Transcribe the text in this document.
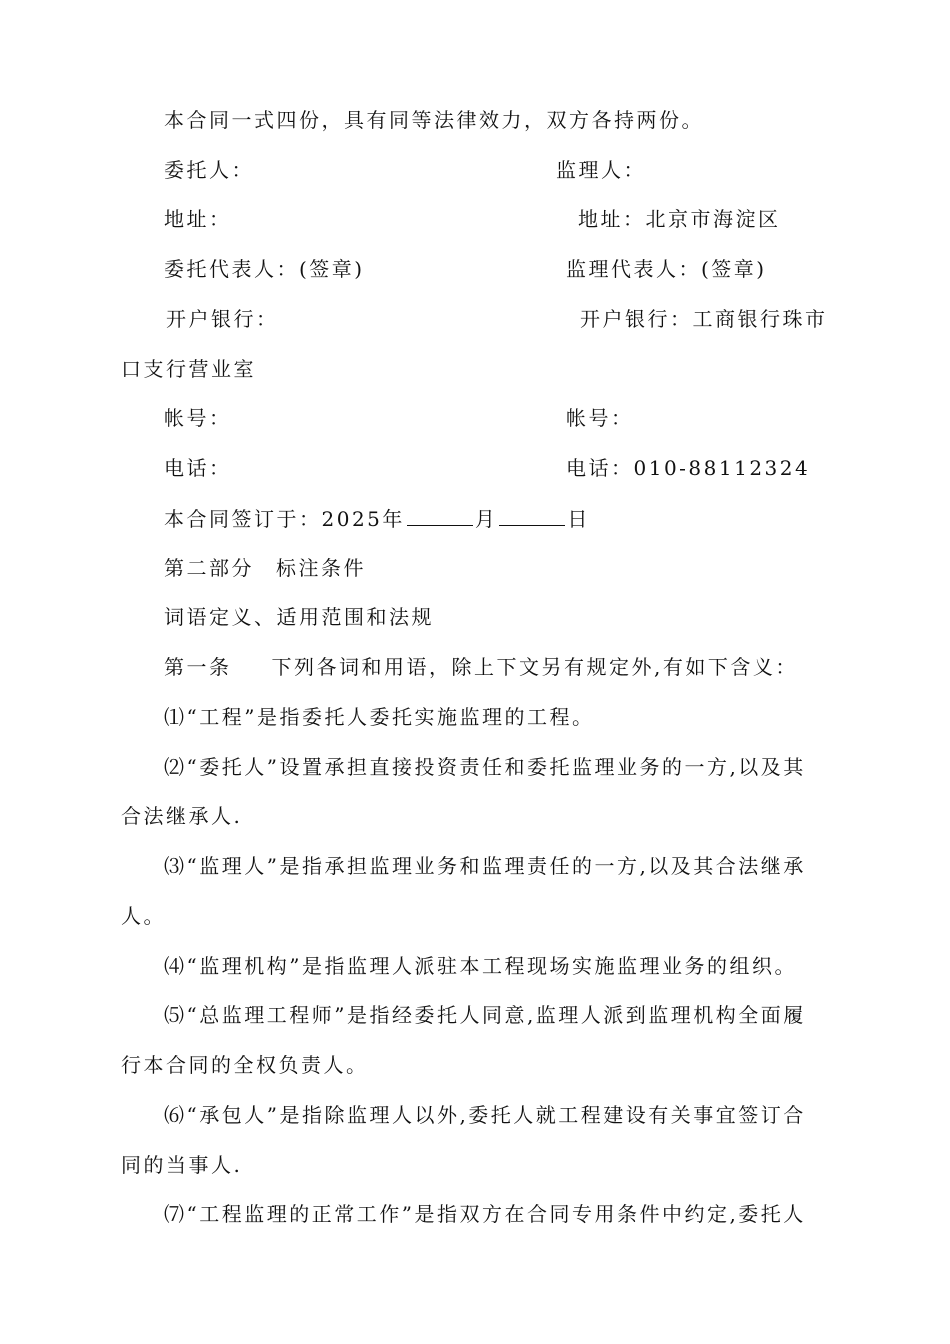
本合同一式四份，具有同等法律效力，双方各持两份。
委托人：	监理人：
地址：	地址：北京市海淀区
委托代表人：(签章)	监理代表人：(签章)
开户银行：	开户银行：工商银行珠市
口支行营业室
帐号：	帐号：
电话：	电话：010-88112324
本合同签订于：2025年	月	日
第二部分 标注条件
词语定义、适用范围和法规
第一条 下列各词和用语，除上下文另有规定外,有如下含义：
⑴“工程”是指委托人委托实施监理的工程。
⑵“委托人”设置承担直接投资责任和委托监理业务的一方,以及其
合法继承人.
⑶“监理人”是指承担监理业务和监理责任的一方,以及其合法继承
人。
⑷“监理机构”是指监理人派驻本工程现场实施监理业务的组织。
⑸“总监理工程师”是指经委托人同意,监理人派到监理机构全面履
行本合同的全权负责人。
⑹“承包人”是指除监理人以外,委托人就工程建设有关事宜签订合
同的当事人.
⑺“工程监理的正常工作”是指双方在合同专用条件中约定,委托人
